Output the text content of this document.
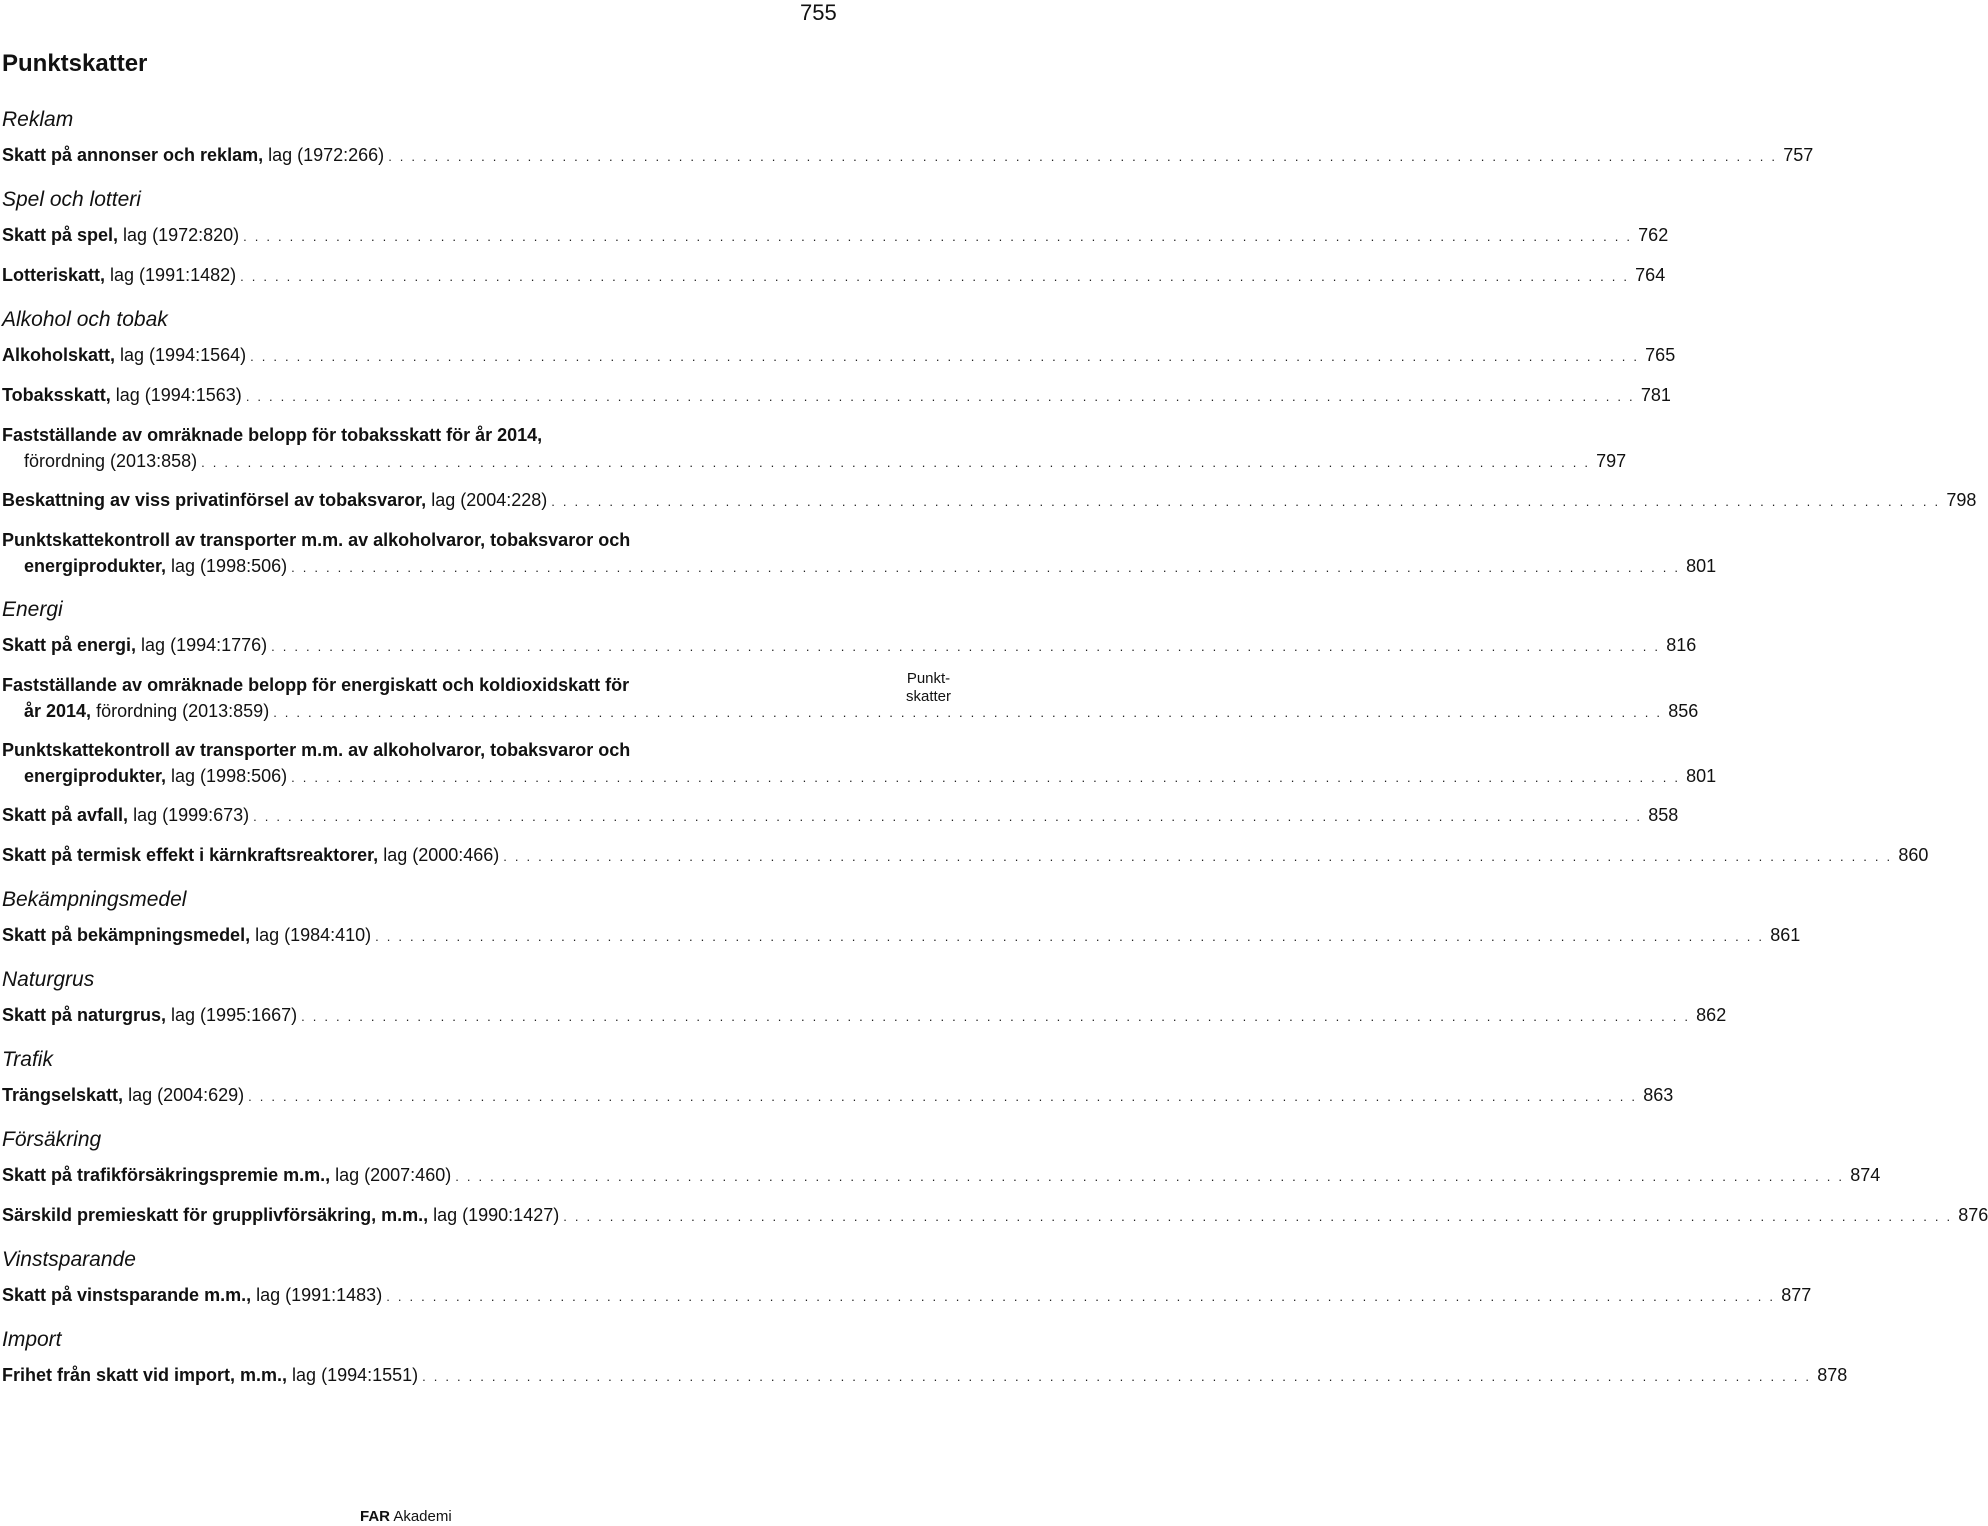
755
Punktskatter
Reklam
Skatt på annonser och reklam, lag (1972:266) . . . . . . . . . . . . . . . . . . . . . . . . . . . . . . . . . . . . . . . . . . . . . . . . . . . . . . . . . . . . . . . . . . . . . . . . . . . . . . . . . . . . . . . . . . . . . . . . . . . . . . . . . . . . . . . . . . . . . . . . 757
Spel och lotteri
Skatt på spel, lag (1972:820) . . . . . . . . . . . . . . . . . . . . . . . . . . . . . . . . . . . . . . . . . . . . . . . . . . . . . . . . . . . . . . . . . . . . . . . . . . . . . . . . . . . . . . . . . . . . . . . . . . . . . . . . . . . . . . . . . . . . . . . . 762
Lotteriskatt, lag (1991:1482) . . . . . . . . . . . . . . . . . . . . . . . . . . . . . . . . . . . . . . . . . . . . . . . . . . . . . . . . . . . . . . . . . . . . . . . . . . . . . . . . . . . . . . . . . . . . . . . . . . . . . . . . . . . . . . . . . . . . . . . . 764
Alkohol och tobak
Alkoholskatt, lag (1994:1564) . . . . . . . . . . . . . . . . . . . . . . . . . . . . . . . . . . . . . . . . . . . . . . . . . . . . . . . . . . . . . . . . . . . . . . . . . . . . . . . . . . . . . . . . . . . . . . . . . . . . . . . . . . . . . . . . . . . . . . . . 765
Tobaksskatt, lag (1994:1563) . . . . . . . . . . . . . . . . . . . . . . . . . . . . . . . . . . . . . . . . . . . . . . . . . . . . . . . . . . . . . . . . . . . . . . . . . . . . . . . . . . . . . . . . . . . . . . . . . . . . . . . . . . . . . . . . . . . . . . . . 781
Fastställande av omräknade belopp för tobaksskatt för år 2014,
förordning (2013:858) . . . . . . . . . . . . . . . . . . . . . . . . . . . . . . . . . . . . . . . . . . . . . . . . . . . . . . . . . . . . . . . . . . . . . . . . . . . . . . . . . . . . . . . . . . . . . . . . . . . . . . . . . . . . . . . . . . . . . . . . 797
Beskattning av viss privatinförsel av tobaksvaror, lag (2004:228) . . . . . . . . . . . . . . . . . . . . . . . . . . . . . . . . . . . . . . . . . . . . . . . . . . . . . . . . . . . . . . . . . . . . . . . . . . . . . . . . . . . . . . . . . . . . . . . . . . . . . . . . . . . . . . . . . . . . . . . . 798
Punktskattekontroll av transporter m.m. av alkoholvaror, tobaksvaror och
energiprodukter, lag (1998:506) . . . . . . . . . . . . . . . . . . . . . . . . . . . . . . . . . . . . . . . . . . . . . . . . . . . . . . . . . . . . . . . . . . . . . . . . . . . . . . . . . . . . . . . . . . . . . . . . . . . . . . . . . . . . . . . . . . . . . . . . 801
Energi
Skatt på energi, lag (1994:1776) . . . . . . . . . . . . . . . . . . . . . . . . . . . . . . . . . . . . . . . . . . . . . . . . . . . . . . . . . . . . . . . . . . . . . . . . . . . . . . . . . . . . . . . . . . . . . . . . . . . . . . . . . . . . . . . . . . . . . . . . 816
Fastställande av omräknade belopp för energiskatt och koldioxidskatt för
år 2014, förordning (2013:859) . . . . . . . . . . . . . . . . . . . . . . . . . . . . . . . . . . . . . . . . . . . . . . . . . . . . . . . . . . . . . . . . . . . . . . . . . . . . . . . . . . . . . . . . . . . . . . . . . . . . . . . . . . . . . . . . . . . . . . . . 856
Punktskattekontroll av transporter m.m. av alkoholvaror, tobaksvaror och
energiprodukter, lag (1998:506) . . . . . . . . . . . . . . . . . . . . . . . . . . . . . . . . . . . . . . . . . . . . . . . . . . . . . . . . . . . . . . . . . . . . . . . . . . . . . . . . . . . . . . . . . . . . . . . . . . . . . . . . . . . . . . . . . . . . . . . . 801
Skatt på avfall, lag (1999:673) . . . . . . . . . . . . . . . . . . . . . . . . . . . . . . . . . . . . . . . . . . . . . . . . . . . . . . . . . . . . . . . . . . . . . . . . . . . . . . . . . . . . . . . . . . . . . . . . . . . . . . . . . . . . . . . . . . . . . . . . 858
Skatt på termisk effekt i kärnkraftsreaktorer, lag (2000:466) . . . . . . . . . . . . . . . . . . . . . . . . . . . . . . . . . . . . . . . . . . . . . . . . . . . . . . . . . . . . . . . . . . . . . . . . . . . . . . . . . . . . . . . . . . . . . . . . . . . . . . . . . . . . . . . . . . . . . . . . 860
Bekämpningsmedel
Skatt på bekämpningsmedel, lag (1984:410) . . . . . . . . . . . . . . . . . . . . . . . . . . . . . . . . . . . . . . . . . . . . . . . . . . . . . . . . . . . . . . . . . . . . . . . . . . . . . . . . . . . . . . . . . . . . . . . . . . . . . . . . . . . . . . . . . . . . . . . . 861
Naturgrus
Skatt på naturgrus, lag (1995:1667) . . . . . . . . . . . . . . . . . . . . . . . . . . . . . . . . . . . . . . . . . . . . . . . . . . . . . . . . . . . . . . . . . . . . . . . . . . . . . . . . . . . . . . . . . . . . . . . . . . . . . . . . . . . . . . . . . . . . . . . . 862
Trafik
Trängselskatt, lag (2004:629) . . . . . . . . . . . . . . . . . . . . . . . . . . . . . . . . . . . . . . . . . . . . . . . . . . . . . . . . . . . . . . . . . . . . . . . . . . . . . . . . . . . . . . . . . . . . . . . . . . . . . . . . . . . . . . . . . . . . . . . . 863
Försäkring
Skatt på trafikförsäkringspremie m.m., lag (2007:460) . . . . . . . . . . . . . . . . . . . . . . . . . . . . . . . . . . . . . . . . . . . . . . . . . . . . . . . . . . . . . . . . . . . . . . . . . . . . . . . . . . . . . . . . . . . . . . . . . . . . . . . . . . . . . . . . . . . . . . . . 874
Särskild premieskatt för grupplivförsäkring, m.m., lag (1990:1427) . . . . . . . . . . . . . . . . . . . . . . . . . . . . . . . . . . . . . . . . . . . . . . . . . . . . . . . . . . . . . . . . . . . . . . . . . . . . . . . . . . . . . . . . . . . . . . . . . . . . . . . . . . . . . . . . . . . . . . . . 876
Vinstsparande
Skatt på vinstsparande m.m., lag (1991:1483) . . . . . . . . . . . . . . . . . . . . . . . . . . . . . . . . . . . . . . . . . . . . . . . . . . . . . . . . . . . . . . . . . . . . . . . . . . . . . . . . . . . . . . . . . . . . . . . . . . . . . . . . . . . . . . . . . . . . . . . . 877
Import
Frihet från skatt vid import, m.m., lag (1994:1551) . . . . . . . . . . . . . . . . . . . . . . . . . . . . . . . . . . . . . . . . . . . . . . . . . . . . . . . . . . . . . . . . . . . . . . . . . . . . . . . . . . . . . . . . . . . . . . . . . . . . . . . . . . . . . . . . . . . . . . . . 878
Punkt-
skatter
FAR Akademi
